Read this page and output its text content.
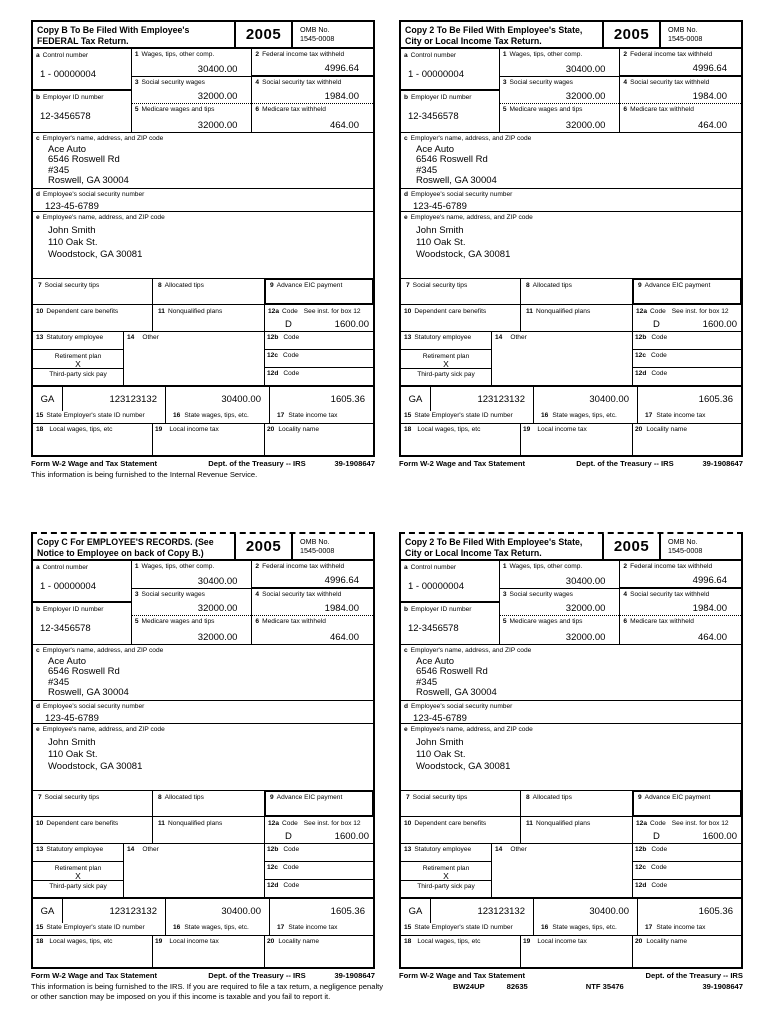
Copy B To Be Filed With Employee's
FEDERAL Tax Return.	2005	OMB No.
1545-0008
a Control number
1 - 00000004
b Employer ID number
12-3456578
1 Wages, tips, other comp.
30400.00
3 Social security wages
32000.00
5 Medicare wages and tips
32000.00
2 Federal income tax withheld
4996.64
4 Social security tax withheld
1984.00
6 Medicare tax withheld
464.00
c Employer's name, address, and ZIP code
Ace Auto
6546 Roswell Rd
#345
Roswell, GA 30004
d Employee's social security number
123-45-6789
e Employee's name, address, and ZIP code
John Smith
110 Oak St.
Woodstock, GA 30081
7 Social security tips	8 Allocated tips	9 Advance EIC payment
10 Dependent care benefits	11 Nonqualified plans	12a Code See inst. for box 12
D	1600.00
13 Statutory employee
Retirement plan
X
Third-party sick pay
14 Other	12b Code
12c Code
12d Code
GA	123123132
15 State Employer's state ID number
30400.00
16 State wages, tips, etc.
1605.36
17 State income tax
18 Local wages, tips, etc	19 Local income tax	20 Locality name
Form W-2 Wage and Tax Statement	Dept. of the Treasury -- IRS	39-1908647
This information is being furnished to the Internal Revenue Service.
Copy 2 To Be Filed With Employee's State,
City or Local Income Tax Return.	2005	OMB No.
1545-0008
a Control number
1 - 00000004
b Employer ID number
12-3456578
1 Wages, tips, other comp.
30400.00
3 Social security wages
32000.00
5 Medicare wages and tips
32000.00
2 Federal income tax withheld
4996.64
4 Social security tax withheld
1984.00
6 Medicare tax withheld
464.00
c Employer's name, address, and ZIP code
Ace Auto
6546 Roswell Rd
#345
Roswell, GA 30004
d Employee's social security number
123-45-6789
e Employee's name, address, and ZIP code
John Smith
110 Oak St.
Woodstock, GA 30081
7 Social security tips	8 Allocated tips	9 Advance EIC payment
10 Dependent care benefits	11 Nonqualified plans	12a Code See inst. for box 12
D	1600.00
13 Statutory employee
Retirement plan
X
Third-party sick pay
14 Other	12b Code
12c Code
12d Code
GA	123123132
15 State Employer's state ID number
30400.00
16 State wages, tips, etc.
1605.36
17 State income tax
18 Local wages, tips, etc	19 Local income tax	20 Locality name
Form W-2 Wage and Tax Statement	Dept. of the Treasury -- IRS	39-1908647
Copy C For EMPLOYEE'S RECORDS. (See
Notice to Employee on back of Copy B.)	2005	OMB No.
1545-0008
a Control number
1 - 00000004
b Employer ID number
12-3456578
1 Wages, tips, other comp.
30400.00
3 Social security wages
32000.00
5 Medicare wages and tips
32000.00
2 Federal income tax withheld
4996.64
4 Social security tax withheld
1984.00
6 Medicare tax withheld
464.00
c Employer's name, address, and ZIP code
Ace Auto
6546 Roswell Rd
#345
Roswell, GA 30004
d Employee's social security number
123-45-6789
e Employee's name, address, and ZIP code
John Smith
110 Oak St.
Woodstock, GA 30081
7 Social security tips	8 Allocated tips	9 Advance EIC payment
10 Dependent care benefits	11 Nonqualified plans	12a Code See inst. for box 12
D	1600.00
13 Statutory employee
Retirement plan
X
Third-party sick pay
14 Other	12b Code
12c Code
12d Code
GA	123123132
15 State Employer's state ID number
30400.00
16 State wages, tips, etc.
1605.36
17 State income tax
18 Local wages, tips, etc	19 Local income tax	20 Locality name
Form W-2 Wage and Tax Statement	Dept. of the Treasury -- IRS	39-1908647
This information is being furnished to the IRS. If you are required to file a tax return, a negligence penalty or other sanction may be imposed on you if this income is taxable and you fail to report it.
Copy 2 To Be Filed With Employee's State,
City or Local Income Tax Return.	2005	OMB No.
1545-0008
a Control number
1 - 00000004
b Employer ID number
12-3456578
1 Wages, tips, other comp.
30400.00
3 Social security wages
32000.00
5 Medicare wages and tips
32000.00
2 Federal income tax withheld
4996.64
4 Social security tax withheld
1984.00
6 Medicare tax withheld
464.00
c Employer's name, address, and ZIP code
Ace Auto
6546 Roswell Rd
#345
Roswell, GA 30004
d Employee's social security number
123-45-6789
e Employee's name, address, and ZIP code
John Smith
110 Oak St.
Woodstock, GA 30081
7 Social security tips	8 Allocated tips	9 Advance EIC payment
10 Dependent care benefits	11 Nonqualified plans	12a Code See inst. for box 12
D	1600.00
13 Statutory employee
Retirement plan
X
Third-party sick pay
14 Other	12b Code
12c Code
12d Code
GA	123123132
15 State Employer's state ID number
30400.00
16 State wages, tips, etc.
1605.36
17 State income tax
18 Local wages, tips, etc	19 Local income tax	20 Locality name
Form W-2 Wage and Tax Statement	Dept. of the Treasury -- IRS
BW24UP	82635	NTF 35476	39-1908647
